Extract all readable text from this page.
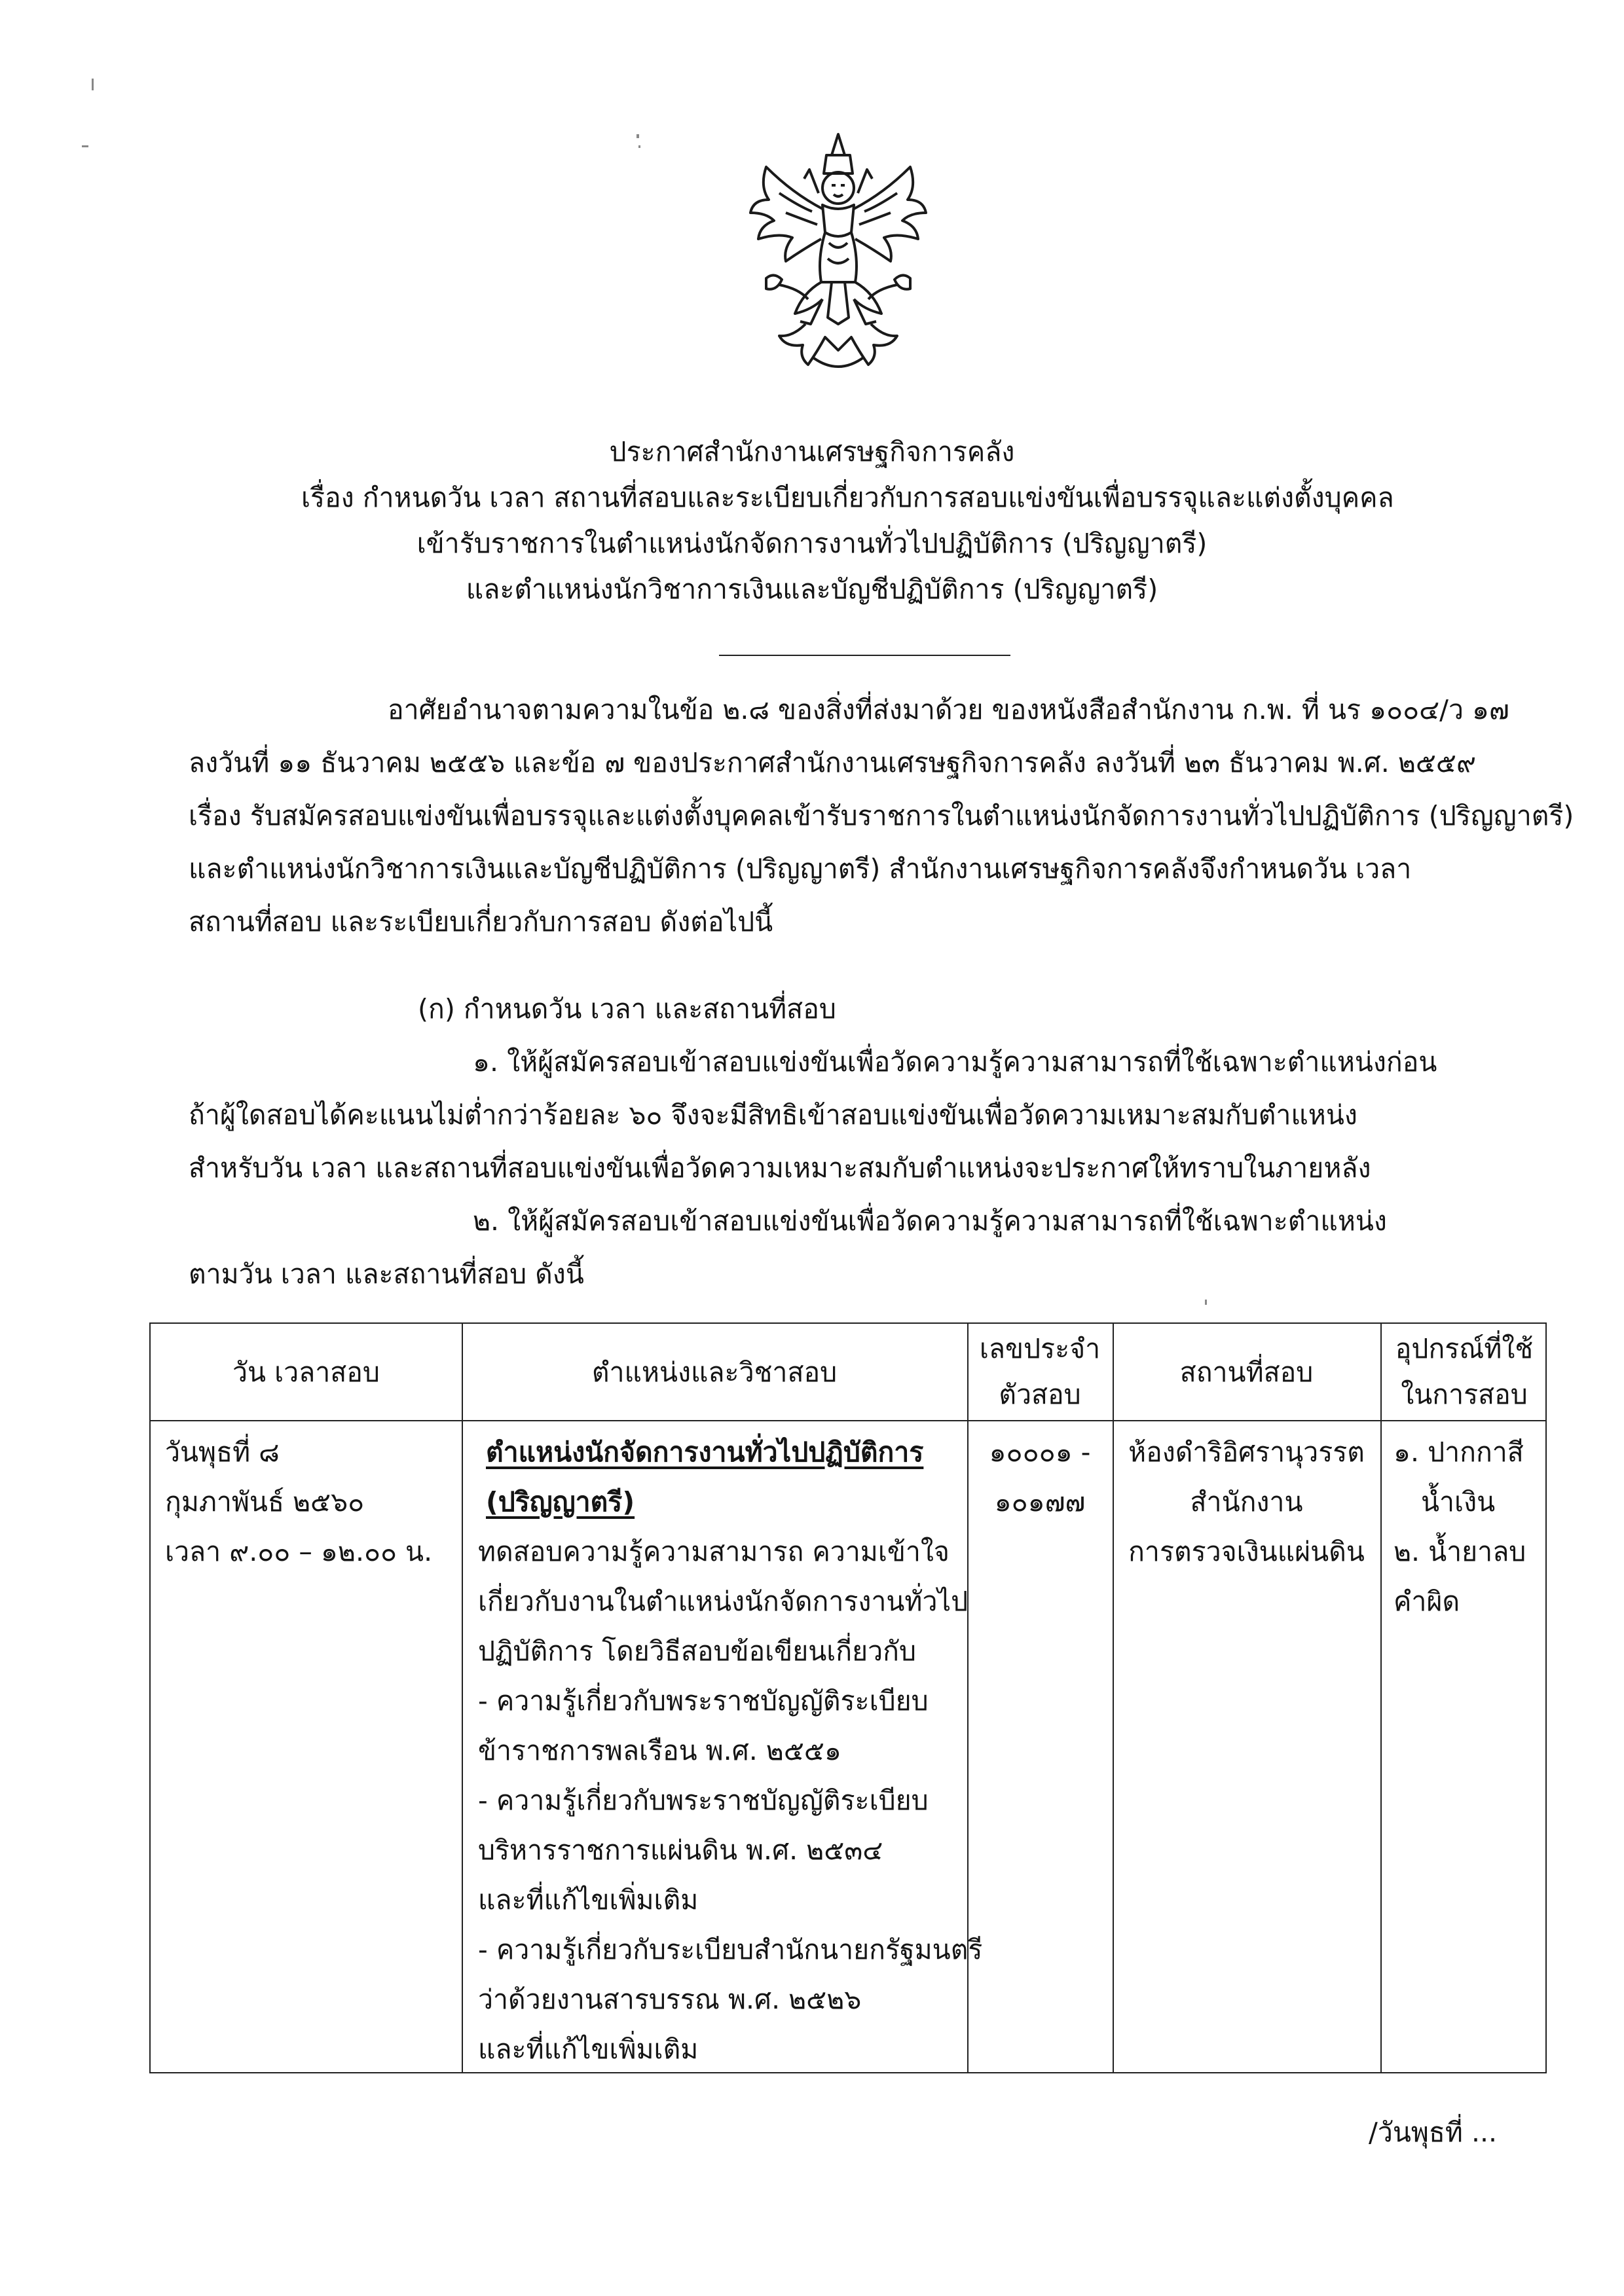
ประกาศสำนักงานเศรษฐกิจการคลัง
เรื่อง กำหนดวัน เวลา สถานที่สอบและระเบียบเกี่ยวกับการสอบแข่งขันเพื่อบรรจุและแต่งตั้งบุคคล
เข้ารับราชการในตำแหน่งนักจัดการงานทั่วไปปฏิบัติการ (ปริญญาตรี)
และตำแหน่งนักวิชาการเงินและบัญชีปฏิบัติการ (ปริญญาตรี)
อาศัยอำนาจตามความในข้อ ๒.๘ ของสิ่งที่ส่งมาด้วย ของหนังสือสำนักงาน ก.พ. ที่ นร ๑๐๐๔/ว ๑๗
ลงวันที่ ๑๑ ธันวาคม ๒๕๕๖ และข้อ ๗ ของประกาศสำนักงานเศรษฐกิจการคลัง ลงวันที่ ๒๓ ธันวาคม พ.ศ. ๒๕๕๙
เรื่อง รับสมัครสอบแข่งขันเพื่อบรรจุและแต่งตั้งบุคคลเข้ารับราชการในตำแหน่งนักจัดการงานทั่วไปปฏิบัติการ (ปริญญาตรี)
และตำแหน่งนักวิชาการเงินและบัญชีปฏิบัติการ (ปริญญาตรี) สำนักงานเศรษฐกิจการคลังจึงกำหนดวัน เวลา
สถานที่สอบ และระเบียบเกี่ยวกับการสอบ ดังต่อไปนี้
(ก) กำหนดวัน เวลา และสถานที่สอบ
๑. ให้ผู้สมัครสอบเข้าสอบแข่งขันเพื่อวัดความรู้ความสามารถที่ใช้เฉพาะตำแหน่งก่อน
ถ้าผู้ใดสอบได้คะแนนไม่ต่ำกว่าร้อยละ ๖๐ จึงจะมีสิทธิเข้าสอบแข่งขันเพื่อวัดความเหมาะสมกับตำแหน่ง
สำหรับวัน เวลา และสถานที่สอบแข่งขันเพื่อวัดความเหมาะสมกับตำแหน่งจะประกาศให้ทราบในภายหลัง
๒. ให้ผู้สมัครสอบเข้าสอบแข่งขันเพื่อวัดความรู้ความสามารถที่ใช้เฉพาะตำแหน่ง
ตามวัน เวลา และสถานที่สอบ ดังนี้
วัน เวลาสอบ	ตำแหน่งและวิชาสอบ
เลขประจำ
ตัวสอบ
สถานที่สอบ
อุปกรณ์ที่ใช้
ในการสอบ
วันพุธที่ ๘
กุมภาพันธ์ ๒๕๖๐
เวลา ๙.๐๐ – ๑๒.๐๐ น.
ตำแหน่งนักจัดการงานทั่วไปปฏิบัติการ
(ปริญญาตรี)
ทดสอบความรู้ความสามารถ ความเข้าใจ
เกี่ยวกับงานในตำแหน่งนักจัดการงานทั่วไป
ปฏิบัติการ โดยวิธีสอบข้อเขียนเกี่ยวกับ
- ความรู้เกี่ยวกับพระราชบัญญัติระเบียบ
ข้าราชการพลเรือน พ.ศ. ๒๕๕๑
- ความรู้เกี่ยวกับพระราชบัญญัติระเบียบ
บริหารราชการแผ่นดิน พ.ศ. ๒๕๓๔
และที่แก้ไขเพิ่มเติม
- ความรู้เกี่ยวกับระเบียบสำนักนายกรัฐมนตรี
ว่าด้วยงานสารบรรณ พ.ศ. ๒๕๒๖
และที่แก้ไขเพิ่มเติม
๑๐๐๐๑ -
๑๐๑๗๗
ห้องดำริอิศรานุวรรต
สำนักงาน
การตรวจเงินแผ่นดิน
๑. ปากกาสี
น้ำเงิน
๒. น้ำยาลบ
คำผิด
/วันพุธที่ ...
